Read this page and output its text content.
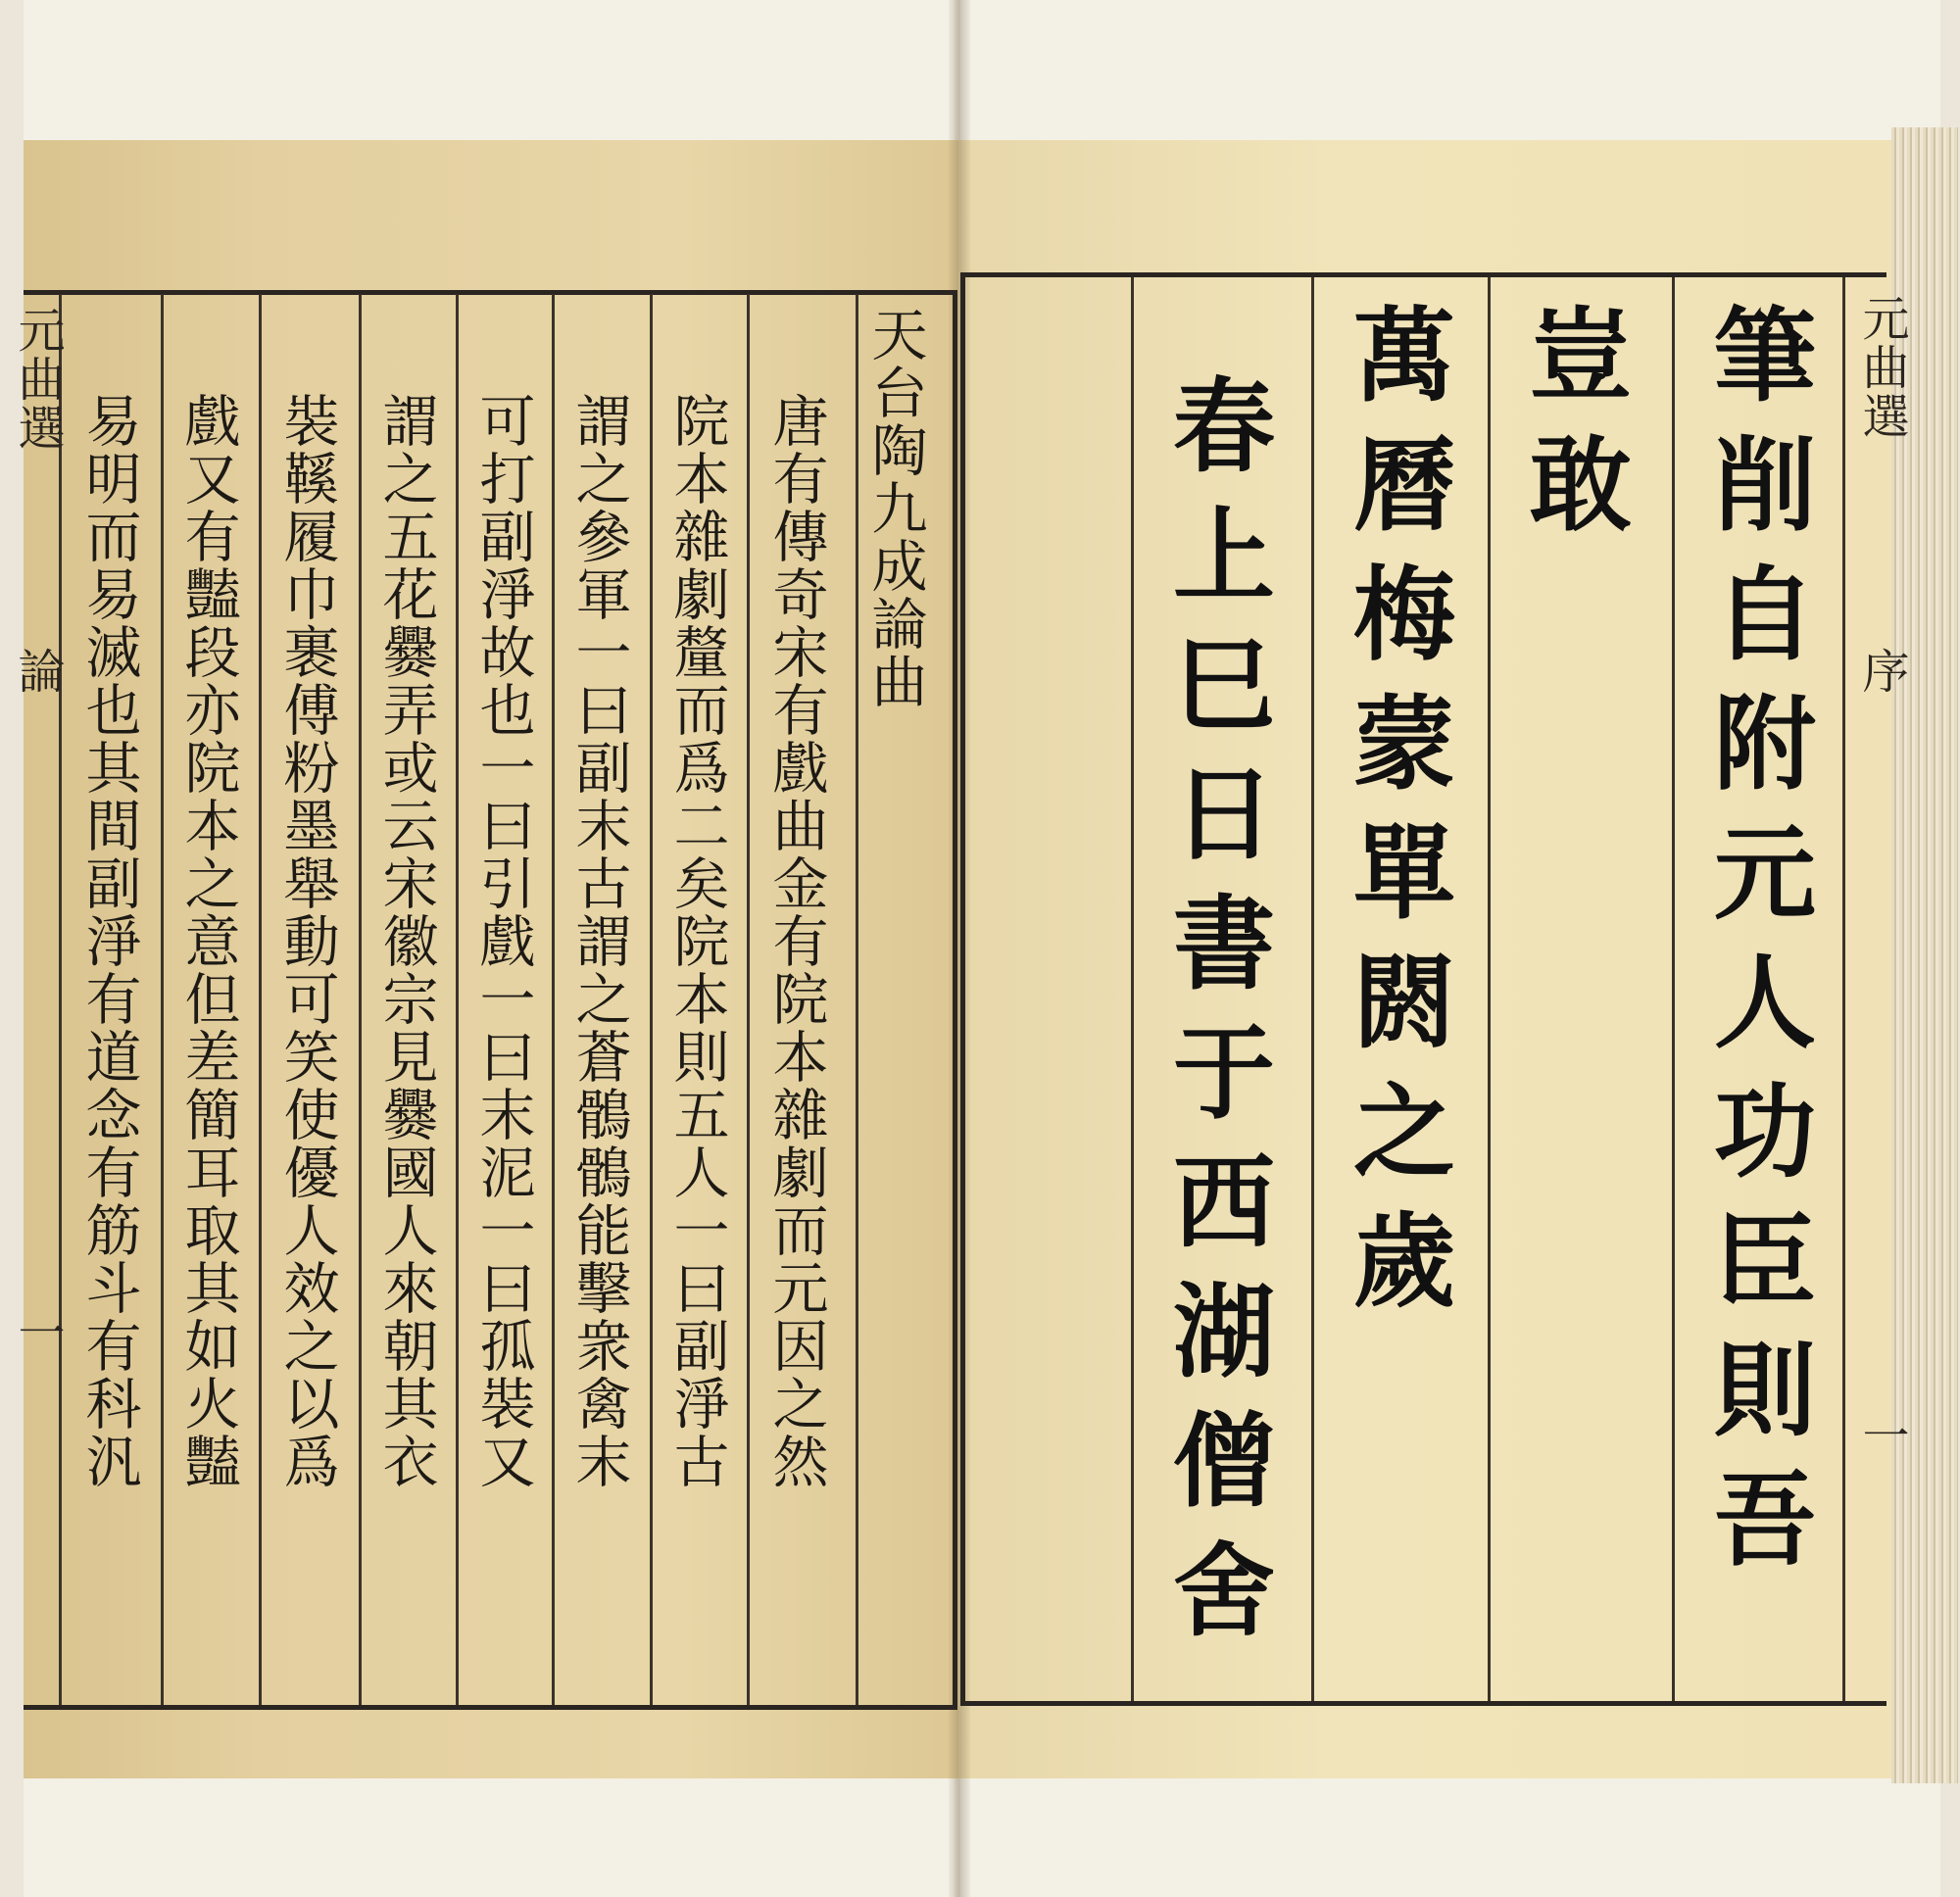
天台陶九成論曲
唐有傳奇宋有戲曲金有院本雜劇而元因之然
院本雜劇釐而爲二矣院本則五人一曰副淨古
謂之參軍一曰副末古謂之蒼鶻鶻能擊衆禽末
可打副淨故也一曰引戲一曰末泥一曰孤裝又
謂之五花爨弄或云宋徽宗見爨國人來朝其衣
裝鞵履巾裹傅粉墨舉動可笑使優人效之以爲
戲又有豔段亦院本之意但差簡耳取其如火豔
易明而易滅也其間副淨有道念有筋斗有科汎
元曲選
論
一	筆削自附元人功臣則吾
豈敢
萬曆梅蒙單閼之歲
春上巳日書于西湖僧舍
元曲選
序
一
